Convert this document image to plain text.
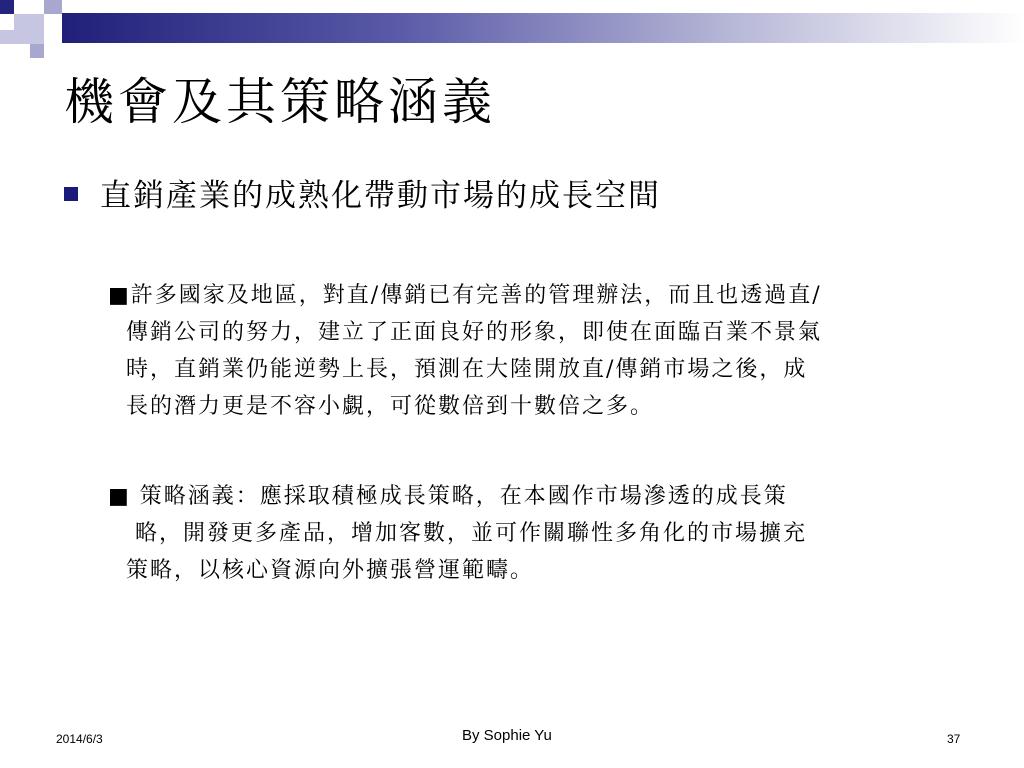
機會及其策略涵義
直銷產業的成熟化帶動市場的成長空間
■許多國家及地區，對直/傳銷已有完善的管理辦法，而且也透過直/
傳銷公司的努力，建立了正面良好的形象，即使在面臨百業不景氣
時，直銷業仍能逆勢上長，預測在大陸開放直/傳銷市場之後，成
長的潛力更是不容小覷，可從數倍到十數倍之多。
■ 策略涵義：應採取積極成長策略，在本國作市場滲透的成長策
略，開發更多產品，增加客數，並可作關聯性多角化的市場擴充
策略，以核心資源向外擴張營運範疇。
2014/6/3	By Sophie Yu	37
